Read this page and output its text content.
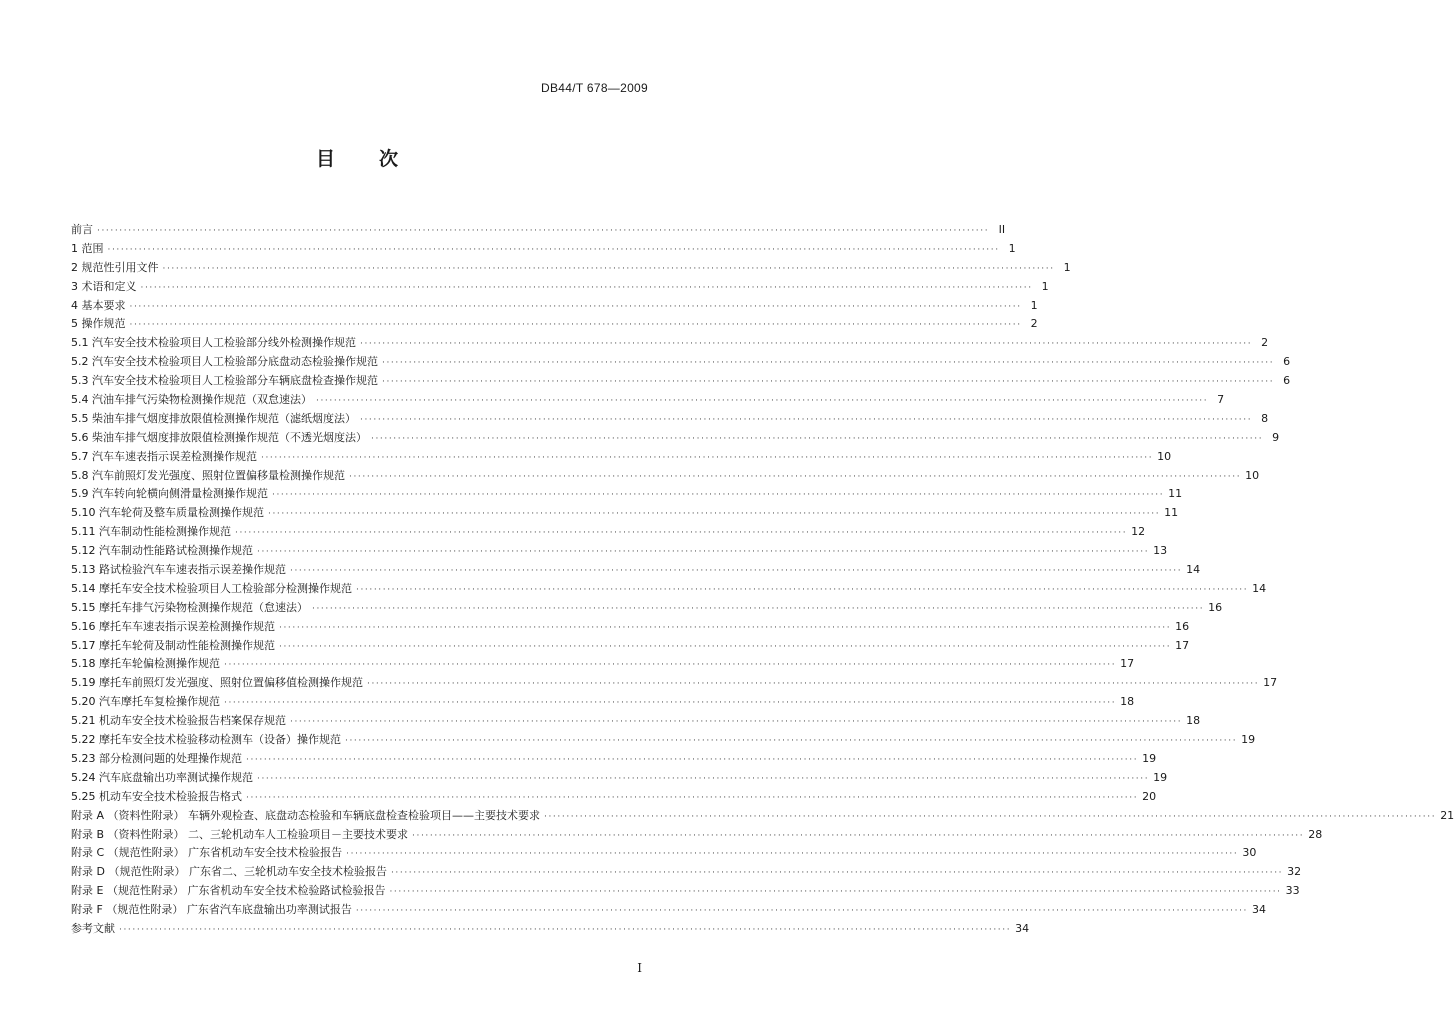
DB44/T 678—2009
目 次
前言 ········································································································································································································ II
1 范围 ········································································································································································································ 1
2 规范性引用文件 ········································································································································································································ 1
3 术语和定义 ········································································································································································································ 1
4 基本要求 ········································································································································································································ 1
5 操作规范 ········································································································································································································ 2
5.1 汽车安全技术检验项目人工检验部分线外检测操作规范 ········································································································································································································ 2
5.2 汽车安全技术检验项目人工检验部分底盘动态检验操作规范 ········································································································································································································ 6
5.3 汽车安全技术检验项目人工检验部分车辆底盘检查操作规范 ········································································································································································································ 6
5.4 汽油车排气污染物检测操作规范（双怠速法） ········································································································································································································ 7
5.5 柴油车排气烟度排放限值检测操作规范（滤纸烟度法） ········································································································································································································ 8
5.6 柴油车排气烟度排放限值检测操作规范（不透光烟度法） ········································································································································································································ 9
5.7 汽车车速表指示误差检测操作规范 ········································································································································································································ 10
5.8 汽车前照灯发光强度、照射位置偏移量检测操作规范 ········································································································································································································ 10
5.9 汽车转向轮横向侧滑量检测操作规范 ········································································································································································································ 11
5.10 汽车轮荷及整车质量检测操作规范 ········································································································································································································ 11
5.11 汽车制动性能检测操作规范 ········································································································································································································ 12
5.12 汽车制动性能路试检测操作规范 ········································································································································································································ 13
5.13 路试检验汽车车速表指示误差操作规范 ········································································································································································································ 14
5.14 摩托车安全技术检验项目人工检验部分检测操作规范 ········································································································································································································ 14
5.15 摩托车排气污染物检测操作规范（怠速法） ········································································································································································································ 16
5.16 摩托车车速表指示误差检测操作规范 ········································································································································································································ 16
5.17 摩托车轮荷及制动性能检测操作规范 ········································································································································································································ 17
5.18 摩托车轮偏检测操作规范 ········································································································································································································ 17
5.19 摩托车前照灯发光强度、照射位置偏移值检测操作规范 ········································································································································································································ 17
5.20 汽车摩托车复检操作规范 ········································································································································································································ 18
5.21 机动车安全技术检验报告档案保存规范 ········································································································································································································ 18
5.22 摩托车安全技术检验移动检测车（设备）操作规范 ········································································································································································································ 19
5.23 部分检测问题的处理操作规范 ········································································································································································································ 19
5.24 汽车底盘输出功率测试操作规范 ········································································································································································································ 19
5.25 机动车安全技术检验报告格式 ········································································································································································································ 20
附录 A （资料性附录） 车辆外观检查、底盘动态检验和车辆底盘检查检验项目——主要技术要求 ········································································································································································································ 21
附录 B （资料性附录） 二、三轮机动车人工检验项目－主要技术要求 ········································································································································································································ 28
附录 C （规范性附录） 广东省机动车安全技术检验报告 ········································································································································································································ 30
附录 D （规范性附录） 广东省二、三轮机动车安全技术检验报告 ········································································································································································································ 32
附录 E （规范性附录） 广东省机动车安全技术检验路试检验报告 ········································································································································································································ 33
附录 F （规范性附录） 广东省汽车底盘输出功率测试报告 ········································································································································································································ 34
参考文献 ········································································································································································································ 34
I
